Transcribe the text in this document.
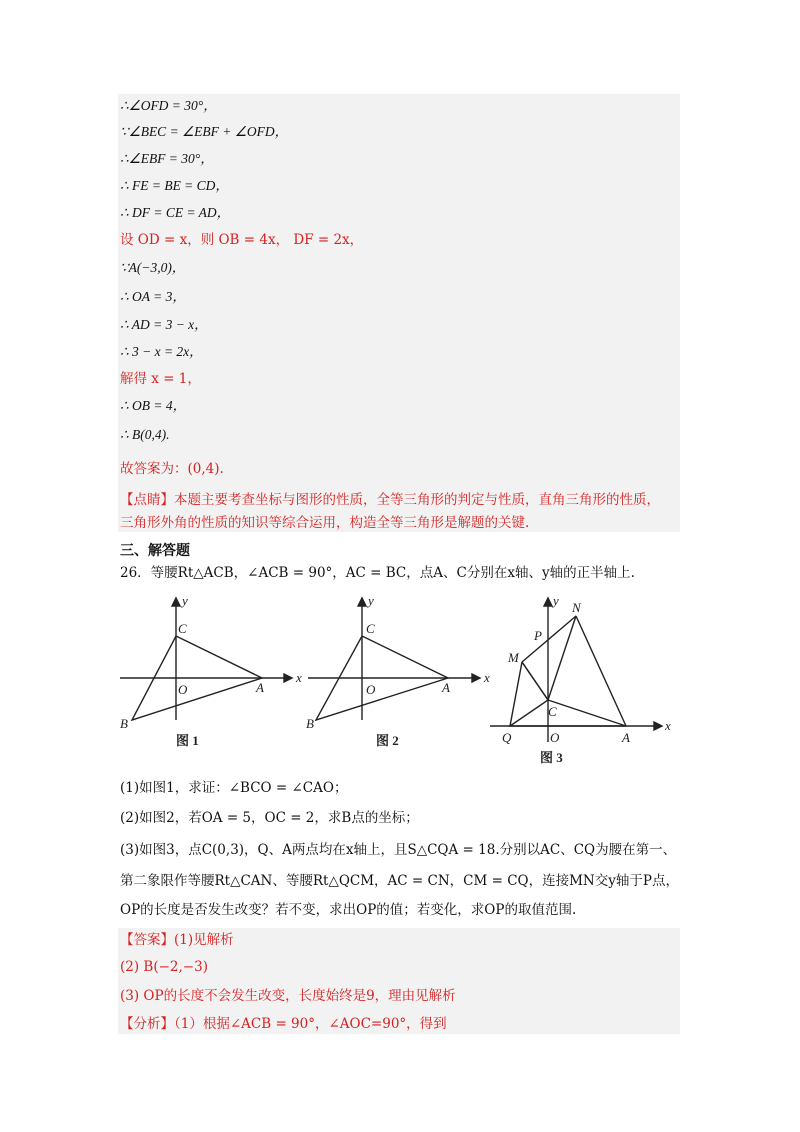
∴∠OFD = 30°，
∵∠BEC = ∠EBF + ∠OFD，
∴∠EBF = 30°，
∴ FE = BE = CD，
∴ DF = CE = AD，
设 OD = x，则 OB = 4x， DF = 2x，
∵A(−3,0)，
∴ OA = 3，
∴ AD = 3 − x，
∴ 3 − x = 2x，
解得 x = 1，
∴ OB = 4，
∴ B(0,4).
故答案为：(0,4).
【点睛】本题主要考查坐标与图形的性质，全等三角形的判定与性质，直角三角形的性质，
三角形外角的性质的知识等综合运用，构造全等三角形是解题的关键.
三、解答题
26．等腰Rt△ACB，∠ACB = 90°，AC = BC，点A、C分别在x轴、y轴的正半轴上.
x
y
C
O	A
B
图 1
x
y
C
O	A
B
图 2
x
y N
P
M
C
Q	O	A
图 3
(1)如图1，求证：∠BCO = ∠CAO；
(2)如图2，若OA = 5，OC = 2，求B点的坐标；
(3)如图3，点C(0,3)，Q、A两点均在x轴上，且S△CQA = 18.分别以AC、CQ为腰在第一、
第二象限作等腰Rt△CAN、等腰Rt△QCM，AC = CN，CM = CQ，连接MN交y轴于P点，
OP的长度是否发生改变？若不变，求出OP的值；若变化，求OP的取值范围.
【答案】(1)见解析
(2) B(−2,−3)
(3) OP的长度不会发生改变，长度始终是9，理由见解析
【分析】（1）根据∠ACB = 90°，∠AOC=90°，得到
